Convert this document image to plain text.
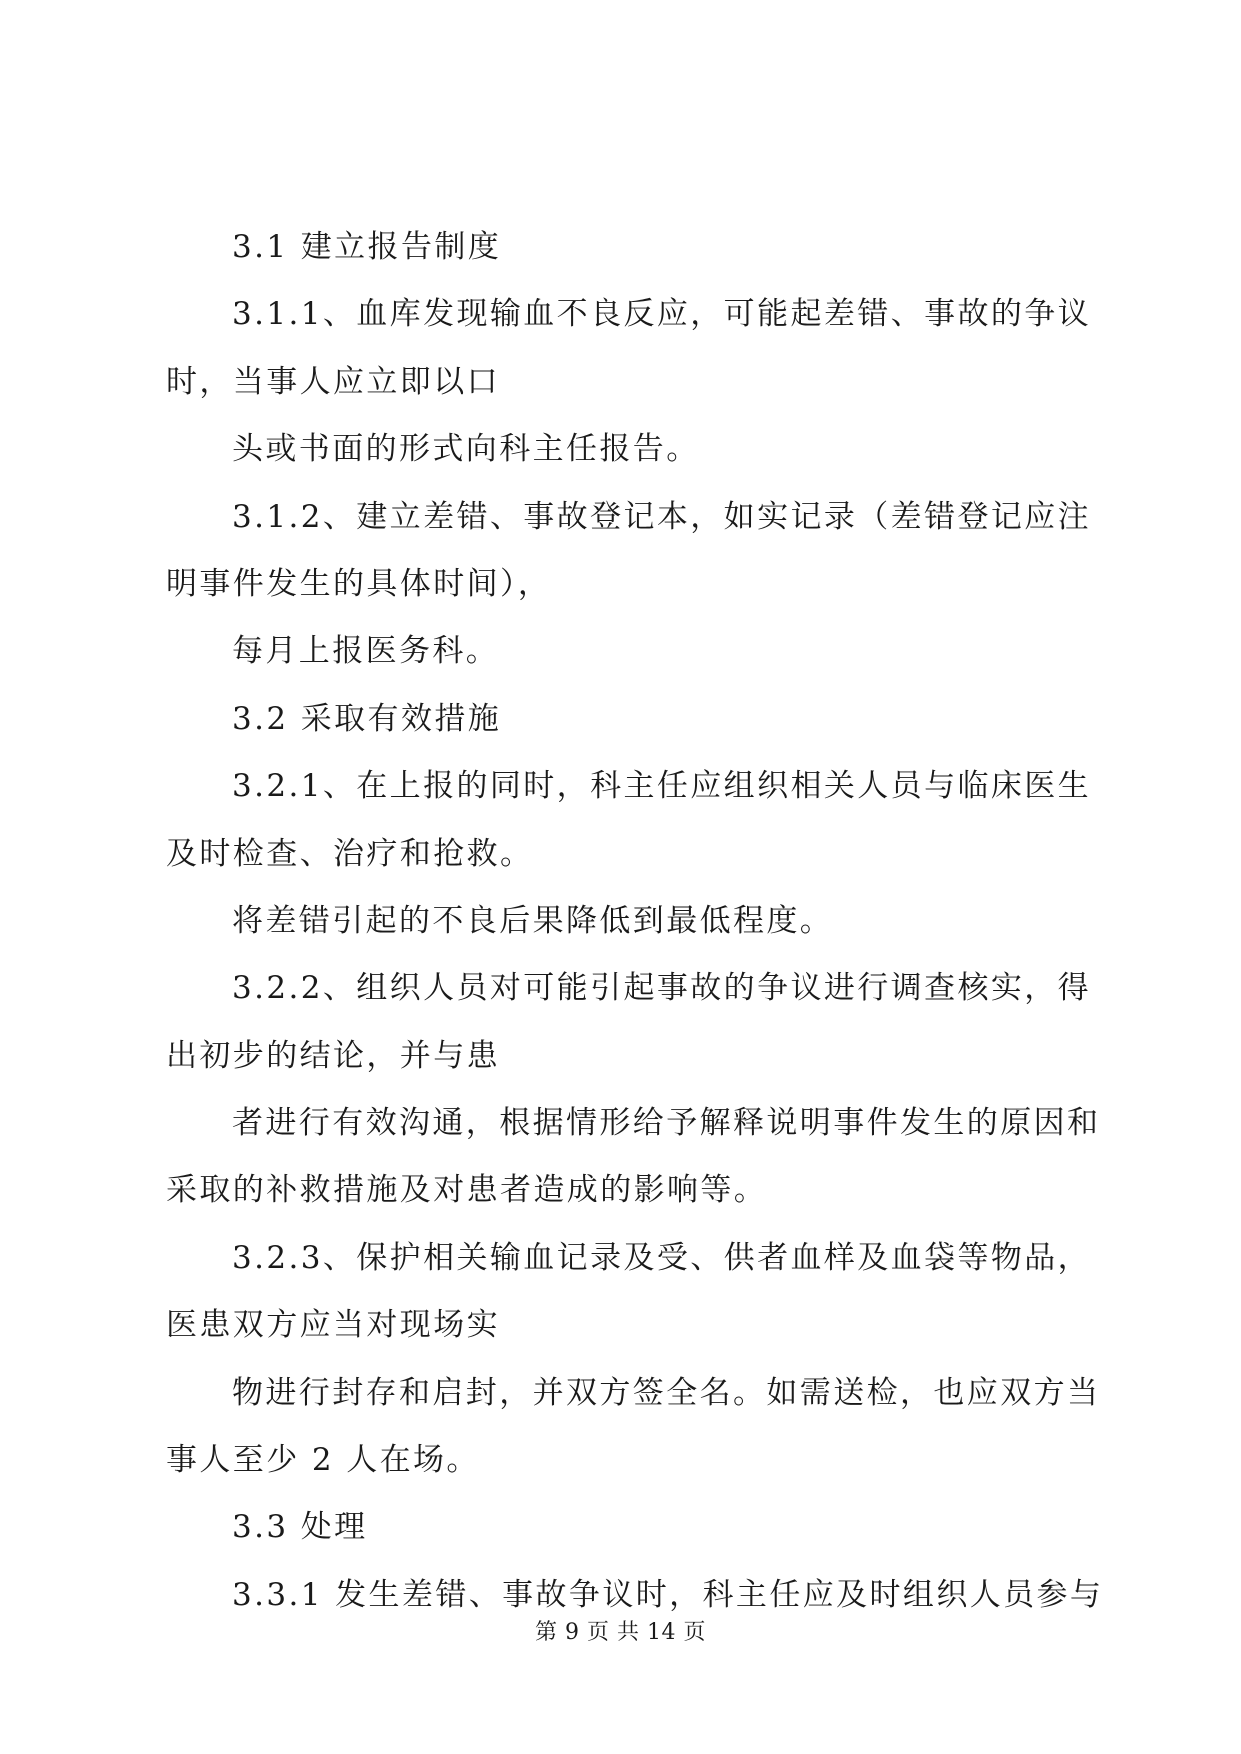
3.1 建立报告制度
3.1.1、血库发现输血不良反应，可能起差错、事故的争议
时，当事人应立即以口
头或书面的形式向科主任报告。
3.1.2、建立差错、事故登记本，如实记录（差错登记应注
明事件发生的具体时间），
每月上报医务科。
3.2 采取有效措施
3.2.1、在上报的同时，科主任应组织相关人员与临床医生
及时检查、治疗和抢救。
将差错引起的不良后果降低到最低程度。
3.2.2、组织人员对可能引起事故的争议进行调查核实，得
出初步的结论，并与患
者进行有效沟通，根据情形给予解释说明事件发生的原因和
采取的补救措施及对患者造成的影响等。
3.2.3、保护相关输血记录及受、供者血样及血袋等物品，
医患双方应当对现场实
物进行封存和启封，并双方签全名。如需送检，也应双方当
事人至少 2 人在场。
3.3 处理
3.3.1 发生差错、事故争议时，科主任应及时组织人员参与
第 9 页 共 14 页
